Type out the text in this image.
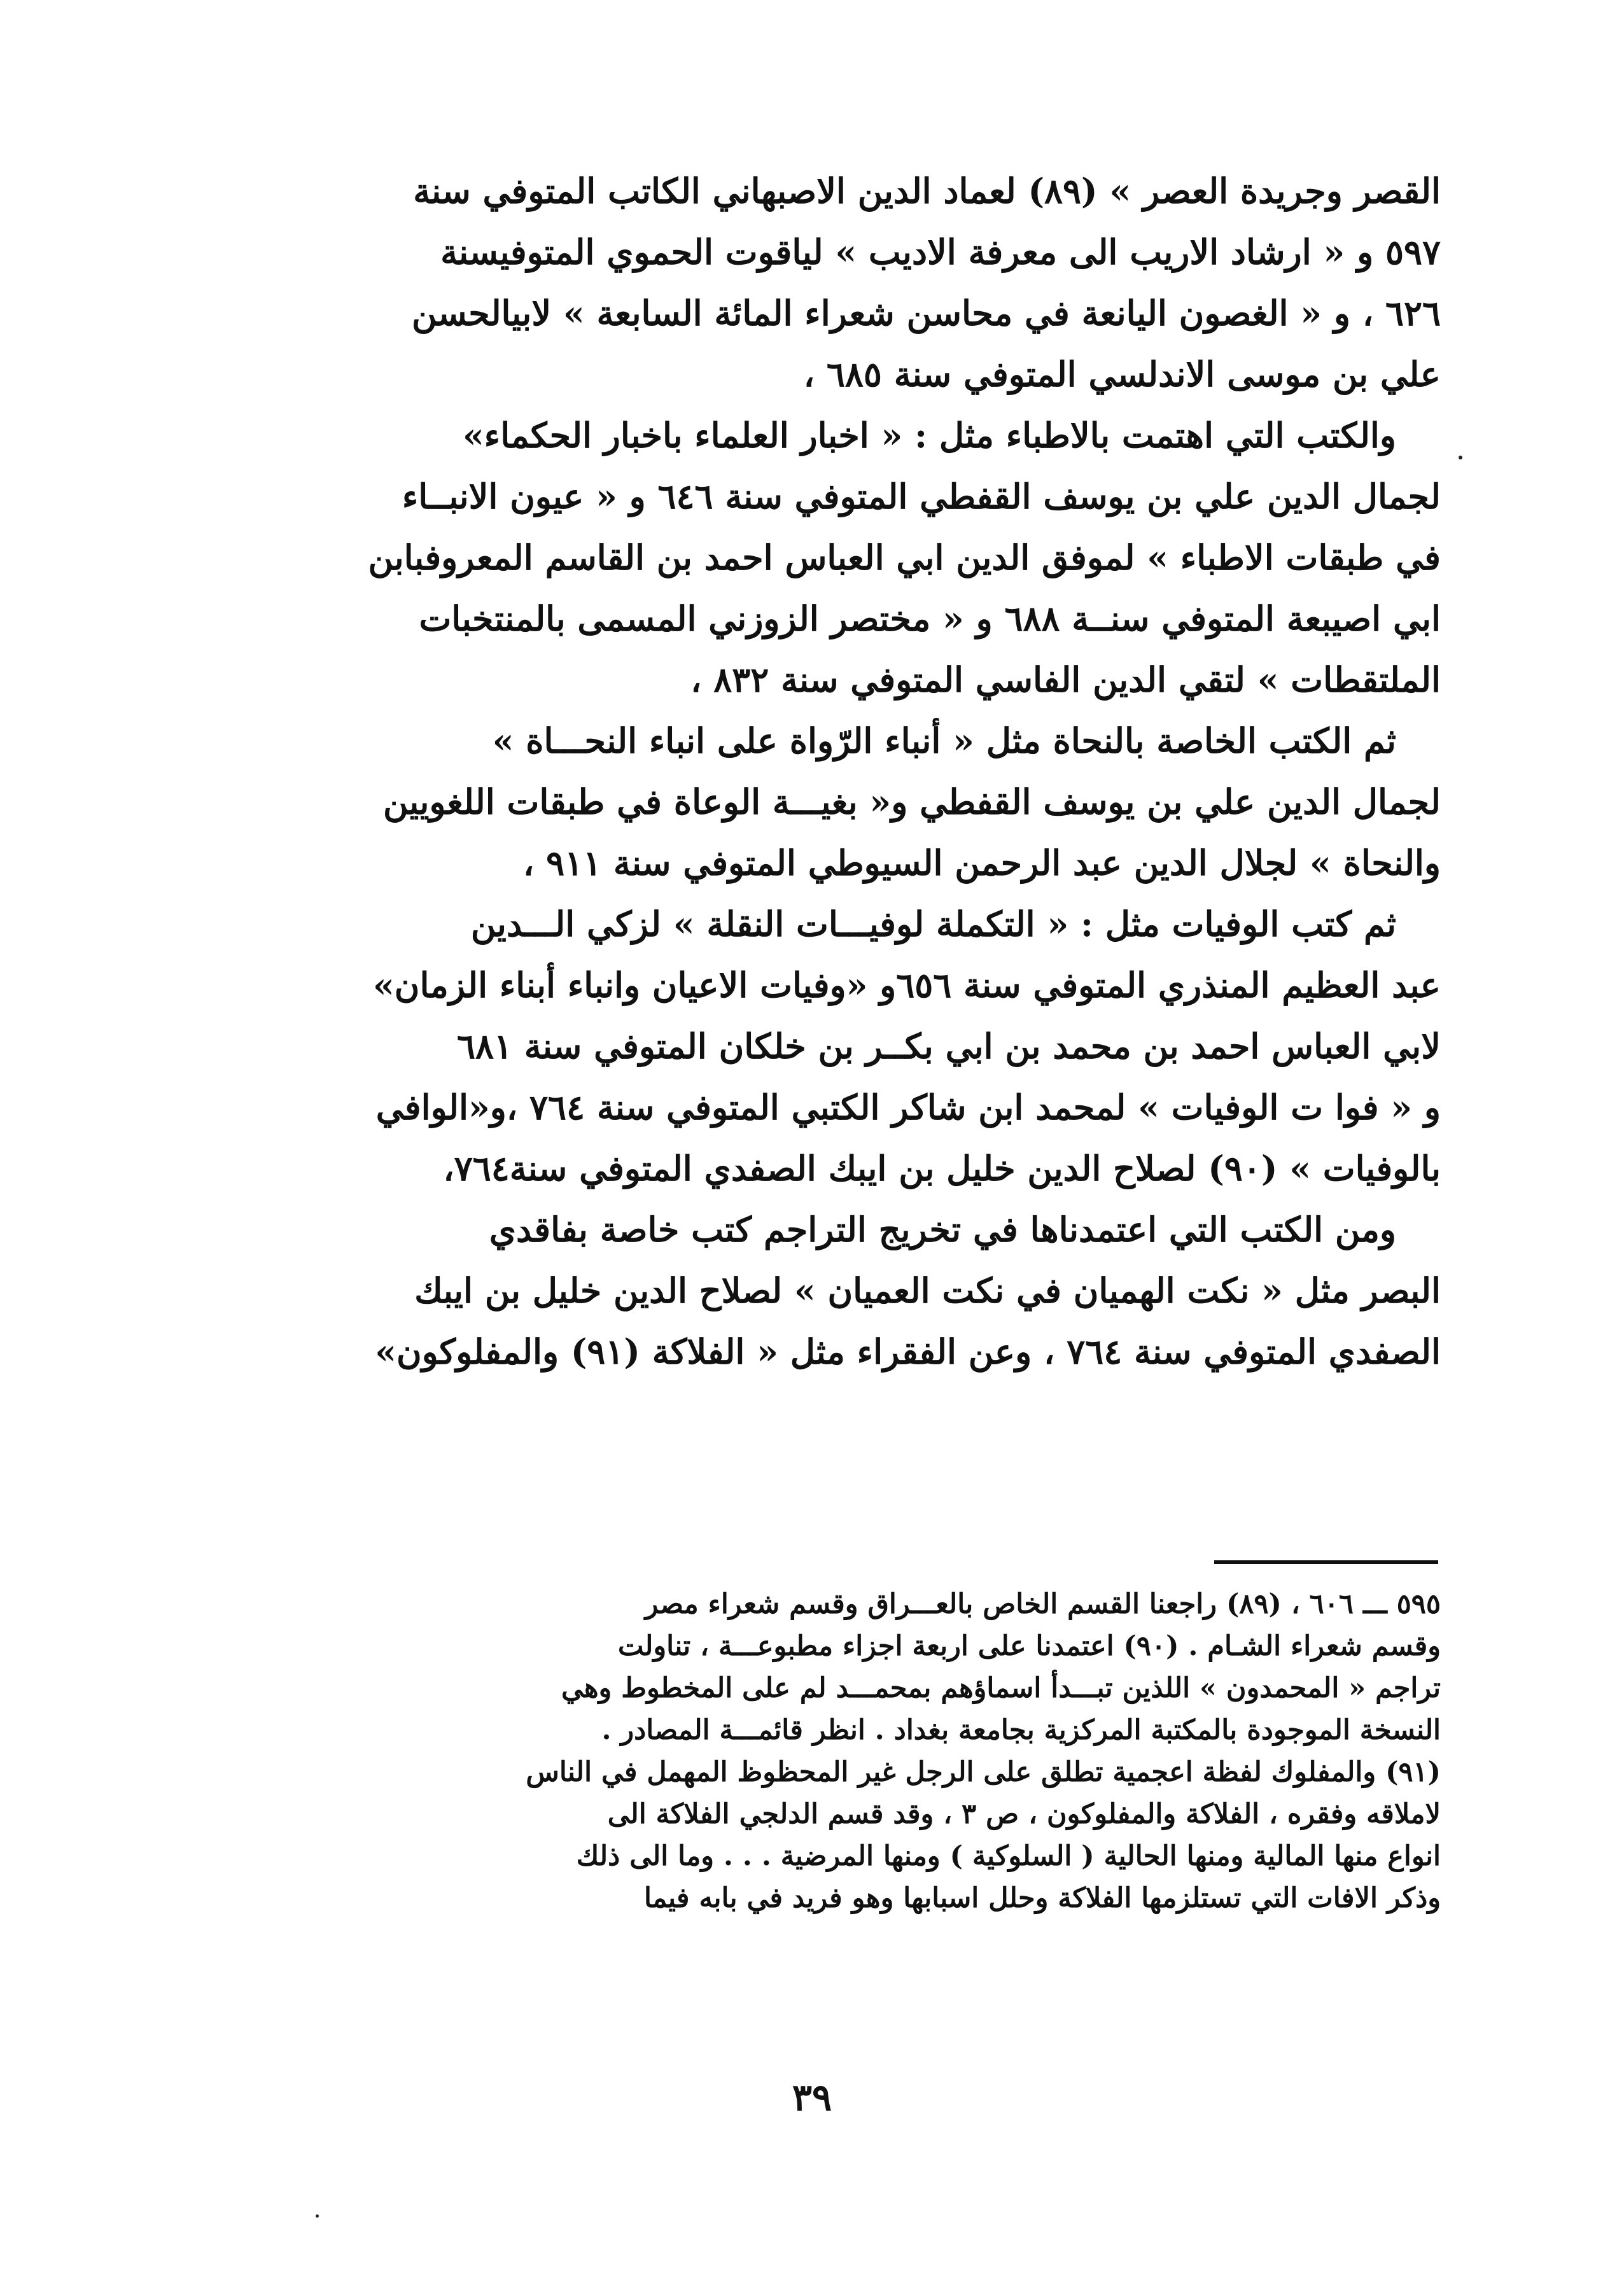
القصر وجريدة العصر » (٨٩) لعماد الدين الاصبهاني الكاتب المتوفي سنة
٥٩٧ و « ارشاد الاريب الى معرفة الاديب » لياقوت الحموي المتوفيسنة
٦٢٦ ، و « الغصون اليانعة في محاسن شعراء المائة السابعة » لابيالحسن
علي بن موسى الاندلسي المتوفي سنة ٦٨٥ ،
والكتب التي اهتمت بالاطباء مثل : « اخبار العلماء باخبار الحكماء»
لجمال الدين علي بن يوسف القفطي المتوفي سنة ٦٤٦ و « عيون الانبــاء
في طبقات الاطباء » لموفق الدين ابي العباس احمد بن القاسم المعروفبابن
ابي اصيبعة المتوفي سنــة ٦٨٨ و « مختصر الزوزني المسمى بالمنتخبات
الملتقطات » لتقي الدين الفاسي المتوفي سنة ٨٣٢ ،
ثم الكتب الخاصة بالنحاة مثل « أنباء الرّواة على انباء النحـــاة »
لجمال الدين علي بن يوسف القفطي و« بغيـــة الوعاة في طبقات اللغويين
والنحاة » لجلال الدين عبد الرحمن السيوطي المتوفي سنة ٩١١ ،
ثم كتب الوفيات مثل : « التكملة لوفيـــات النقلة » لزكي الـــدين
عبد العظيم المنذري المتوفي سنة ٦٥٦و «وفيات الاعيان وانباء أبناء الزمان»
لابي العباس احمد بن محمد بن ابي بكــر بن خلكان المتوفي سنة ٦٨١
و « فوا ت الوفيات » لمحمد ابن شاكر الكتبي المتوفي سنة ٧٦٤ ،و«الوافي
بالوفيات » (٩٠) لصلاح الدين خليل بن ايبك الصفدي المتوفي سنة٧٦٤،
ومن الكتب التي اعتمدناها في تخريج التراجم كتب خاصة بفاقدي
البصر مثل « نكت الهميان في نكت العميان » لصلاح الدين خليل بن ايبك
الصفدي المتوفي سنة ٧٦٤ ، وعن الفقراء مثل « الفلاكة (٩١) والمفلوكون»
٥٩٥ ـــ ٦٠٦ ، (٨٩) راجعنا القسم الخاص بالعـــراق وقسم شعراء مصر
وقسم شعراء الشـام . (٩٠) اعتمدنا على اربعة اجزاء مطبوعـــة ، تناولت
تراجم « المحمدون » اللذين تبـــدأ اسماؤهم بمحمـــد لم على المخطوط وهي
النسخة الموجودة بالمكتبة المركزية بجامعة بغداد . انظر قائمـــة المصادر .
(٩١) والمفلوك لفظة اعجمية تطلق على الرجل غير المحظوظ المهمل في الناس
لاملاقه وفقره ، الفلاكة والمفلوكون ، ص ٣ ، وقد قسم الدلجي الفلاكة الى
انواع منها المالية ومنها الحالية ( السلوكية ) ومنها المرضية . . . وما الى ذلك
وذكر الافات التي تستلزمها الفلاكة وحلل اسبابها وهو فريد في بابه فيما
٣٩
